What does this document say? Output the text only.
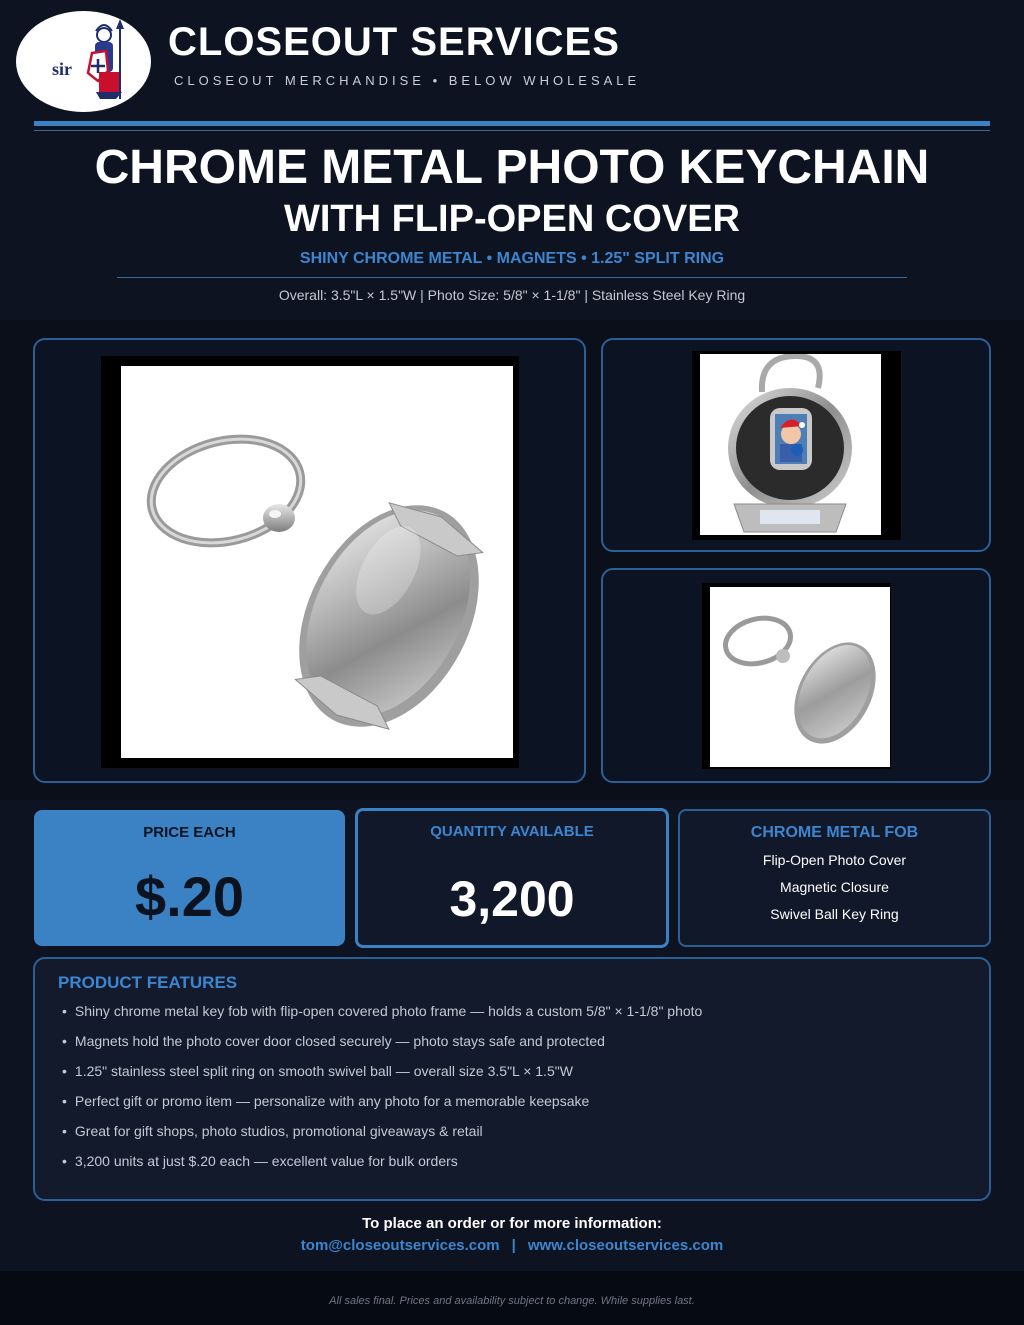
sir
CLOSEOUT SERVICES
CLOSEOUT MERCHANDISE • BELOW WHOLESALE
CHROME METAL PHOTO KEYCHAIN
WITH FLIP-OPEN COVER
SHINY CHROME METAL • MAGNETS • 1.25" SPLIT RING
Overall: 3.5"L × 1.5"W | Photo Size: 5/8" × 1-1/8" | Stainless Steel Key Ring
PRICE EACH
$.20
QUANTITY AVAILABLE
3,200
CHROME METAL FOB
Flip-Open Photo Cover
Magnetic Closure
Swivel Ball Key Ring
PRODUCT FEATURES
• Shiny chrome metal key fob with flip-open covered photo frame — holds a custom 5/8" × 1-1/8" photo
• Magnets hold the photo cover door closed securely — photo stays safe and protected
• 1.25" stainless steel split ring on smooth swivel ball — overall size 3.5"L × 1.5"W
• Perfect gift or promo item — personalize with any photo for a memorable keepsake
• Great for gift shops, photo studios, promotional giveaways & retail
• 3,200 units at just $.20 each — excellent value for bulk orders
To place an order or for more information:
tom@closeoutservices.com | www.closeoutservices.com
All sales final. Prices and availability subject to change. While supplies last.
